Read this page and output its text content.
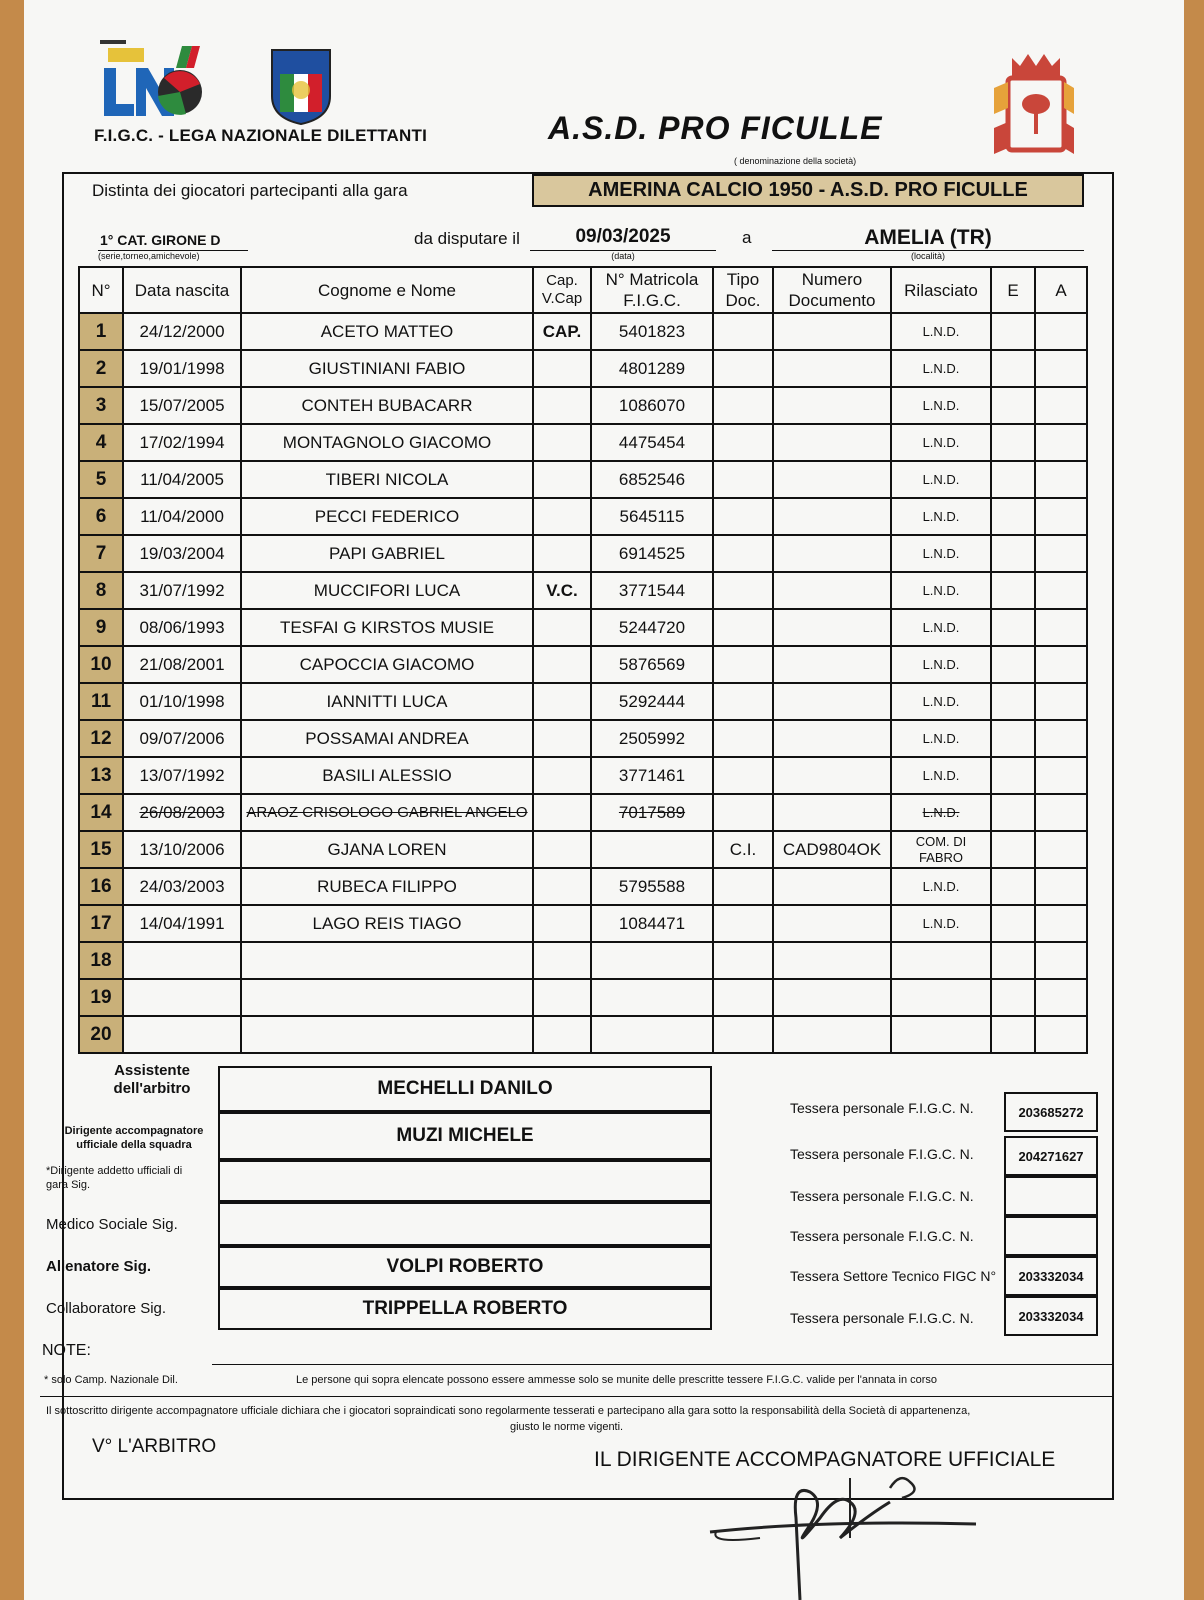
F.I.G.C. - LEGA NAZIONALE DILETTANTI	A.S.D. PRO FICULLE
( denominazione della società)
Distinta dei giocatori partecipanti alla gara	AMERINA CALCIO 1950 - A.S.D. PRO FICULLE
1° CAT. GIRONE D
(serie,torneo,amichevole)
da disputare il	09/03/2025
(data)
a	AMELIA (TR)
(località)
N°	Data nascita	Cognome e Nome	Cap. V.Cap	N° Matricola F.I.G.C.	Tipo Doc.	Numero Documento	Rilasciato	E	A
1	24/12/2000	ACETO MATTEO	CAP.	5401823			L.N.D.		
2	19/01/1998	GIUSTINIANI FABIO		4801289			L.N.D.		
3	15/07/2005	CONTEH BUBACARR		1086070			L.N.D.		
4	17/02/1994	MONTAGNOLO GIACOMO		4475454			L.N.D.		
5	11/04/2005	TIBERI NICOLA		6852546			L.N.D.		
6	11/04/2000	PECCI FEDERICO		5645115			L.N.D.		
7	19/03/2004	PAPI GABRIEL		6914525			L.N.D.		
8	31/07/1992	MUCCIFORI LUCA	V.C.	3771544			L.N.D.		
9	08/06/1993	TESFAI G KIRSTOS MUSIE		5244720			L.N.D.		
10	21/08/2001	CAPOCCIA GIACOMO		5876569			L.N.D.		
11	01/10/1998	IANNITTI LUCA		5292444			L.N.D.		
12	09/07/2006	POSSAMAI ANDREA		2505992			L.N.D.		
13	13/07/1992	BASILI ALESSIO		3771461			L.N.D.		
14	26/08/2003	ARAOZ CRISOLOGO GABRIEL ANGELO		7017589			L.N.D.		
15	13/10/2006	GJANA LOREN			C.I.	CAD9804OK	COM. DI FABRO		
16	24/03/2003	RUBECA FILIPPO		5795588			L.N.D.		
17	14/04/1991	LAGO REIS TIAGO		1084471			L.N.D.		
18									
19									
20									
Assistente dell'arbitro	MECHELLI DANILO
Tessera personale F.I.G.C. N.	203685272
Dirigente accompagnatore ufficiale della squadra	MUZI MICHELE
Tessera personale F.I.G.C. N.	204271627
*Dirigente addetto ufficiali di gara Sig.
Tessera personale F.I.G.C. N.
Medico Sociale Sig.
Tessera personale F.I.G.C. N.
Allenatore Sig.	VOLPI ROBERTO	Tessera Settore Tecnico FIGC N°	203332034
Collaboratore Sig.	TRIPPELLA ROBERTO	Tessera personale F.I.G.C. N.	203332034
NOTE:
* solo Camp. Nazionale Dil.	Le persone qui sopra elencate possono essere ammesse solo se munite delle prescritte tessere F.I.G.C. valide per l'annata in corso
Il sottoscritto dirigente accompagnatore ufficiale dichiara che i giocatori sopraindicati sono regolarmente tesserati e partecipano alla gara sotto la responsabilità della Società di appartenenza,
giusto le norme vigenti.
V° L'ARBITRO
IL DIRIGENTE ACCOMPAGNATORE UFFICIALE
